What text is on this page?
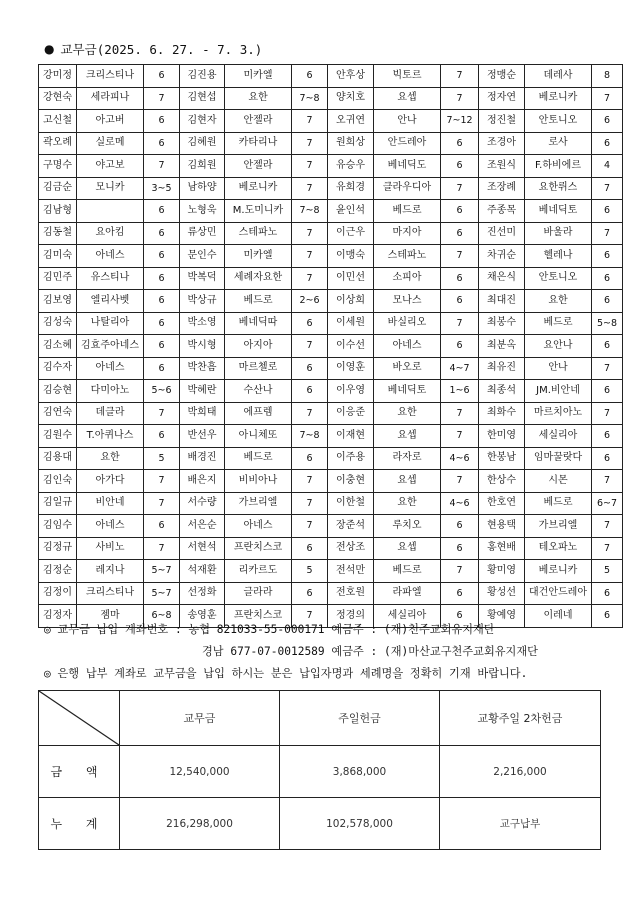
● 교무금(2025. 6. 27. - 7. 3.)
강미정	크리스티나	6	김진용	미카엘	6	안후상	빅토르	7	정맹순	데레사	8
강현숙	세라피나	7	김현섭	요한	7~8	양치호	요셉	7	정자연	베로니카	7
고신철	아고버	6	김현자	안젤라	7	오귀연	안나	7~12	정진철	안토니오	6
곽오례	실로메	6	김혜원	카타리나	7	원희상	안드레아	6	조경아	로사	6
구명수	야고보	7	김희원	안젤라	7	유승우	베네딕도	6	조원식	F.하비에르	4
김금순	모니카	3~5	남하양	베로니카	7	유희경	클라우디아	7	조장례	요한뤼스	7
김남형		6	노형욱	M.도미니카	7~8	윤인석	베드로	6	주종목	베네딕토	6
김동철	요아킴	6	류상민	스테파노	7	이근우	마지아	6	진선미	바울라	7
김미숙	아네스	6	문인수	미카엘	7	이맹숙	스테파노	7	차귀순	헬레나	6
김민주	유스티나	6	박복덕	세례자요한	7	이민선	소피아	6	채은식	안토니오	6
김보영	엘리사벳	6	박상규	베드로	2~6	이상희	모나스	6	최대진	요한	6
김성숙	나탈리아	6	박소영	베네딕따	6	이세원	바실리오	7	최봉수	베드로	5~8
김소혜	김효주아네스	6	박시형	아지아	7	이수선	아네스	6	최분옥	요안나	6
김수자	아네스	6	박찬흠	마르첼로	6	이영훈	바오로	4~7	최유진	안나	7
김승현	다미아노	5~6	박혜란	수산나	6	이우영	베네딕토	1~6	최종석	JM.비안네	6
김연숙	데클라	7	박희태	에프렘	7	이응준	요한	7	최화수	마르치아노	7
김원수	T.아퀴나스	6	반선우	아니체또	7~8	이재현	요셉	7	한미영	세실리아	6
김용대	요한	5	배경진	베드로	6	이주용	라자로	4~6	한봉남	임마꿀랏다	6
김인숙	아가다	7	배은지	비비아나	7	이충현	요셉	7	한상수	시몬	7
김일규	비안네	7	서수량	가브리엘	7	이한철	요한	4~6	한호연	베드로	6~7
김임수	아네스	6	서은순	아네스	7	장준석	루치오	6	현용택	가브리엘	7
김정규	사비노	7	서현석	프란치스코	6	전상조	요셉	6	홍현배	테오파노	7
김정순	레지나	5~7	석재환	리카르도	5	전석만	베드로	7	황미영	베로니카	5
김정이	크리스티나	5~7	선정화	글라라	6	전호원	라파엘	6	황성선	대건안드레아	6
김정자	젬마	6~8	송영훈	프란치스코	7	정경의	세실리아	6	황예영	이레네	6
◎ 교무금 납입 계좌번호 : 농협 821033-55-000171 예금주 : (재)천주교회유지재단
경남 677-07-0012589 예금주 : (재)마산교구천주교회유지재단
◎ 은행 납부 계좌로 교무금을 납입 하시는 분은 납입자명과 세례명을 정확히 기재 바랍니다.
	교무금	주일헌금	교황주일 2차헌금
금 액	12,540,000	3,868,000	2,216,000
누 계	216,298,000	102,578,000	교구납부
